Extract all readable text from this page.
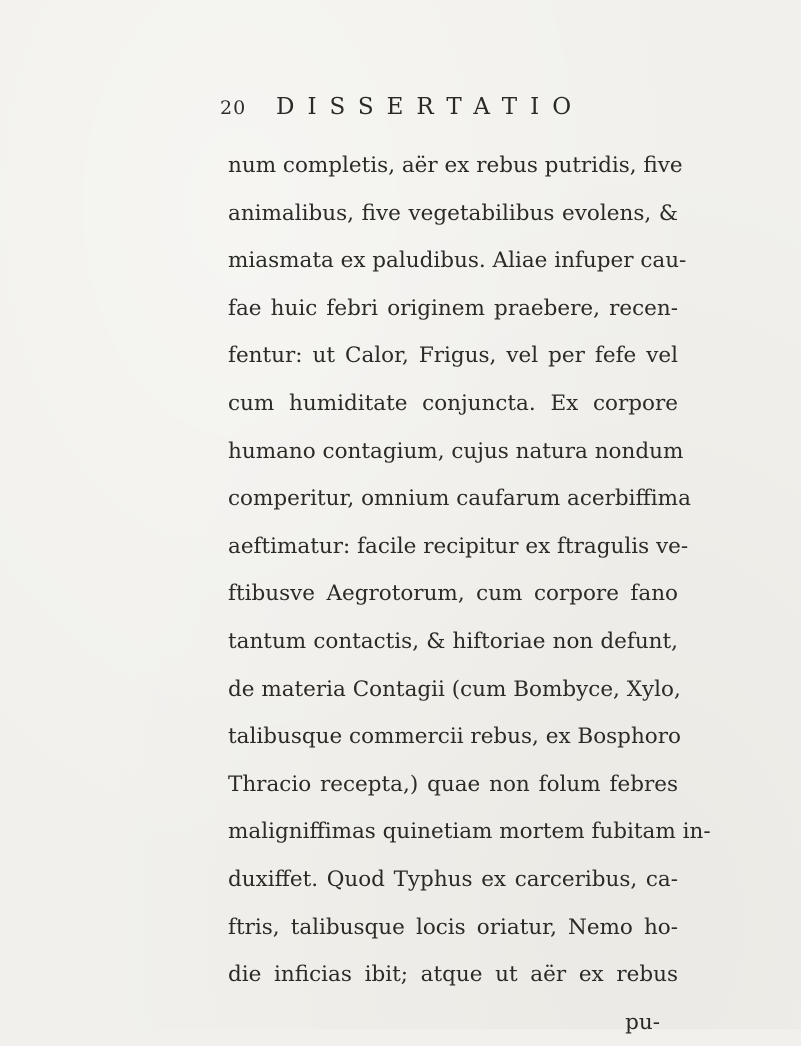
20	DISSERTATIO
num completis, aër ex rebus putridis, five
animalibus, five vegetabilibus evolens, &
miasmata ex paludibus. Aliae infuper cau-
fae huic febri originem praebere, recen-
fentur: ut Calor, Frigus, vel per fefe vel
cum humiditate conjuncta. Ex corpore
humano contagium, cujus natura nondum
comperitur, omnium caufarum acerbiffima
aeftimatur: facile recipitur ex ftragulis ve-
ftibusve Aegrotorum, cum corpore fano
tantum contactis, & hiftoriae non defunt,
de materia Contagii (cum Bombyce, Xylo,
talibusque commercii rebus, ex Bosphoro
Thracio recepta,) quae non folum febres
maligniffimas quinetiam mortem fubitam in-
duxiffet. Quod Typhus ex carceribus, ca-
ftris, talibusque locis oriatur, Nemo ho-
die inficias ibit; atque ut aër ex rebus
pu-
